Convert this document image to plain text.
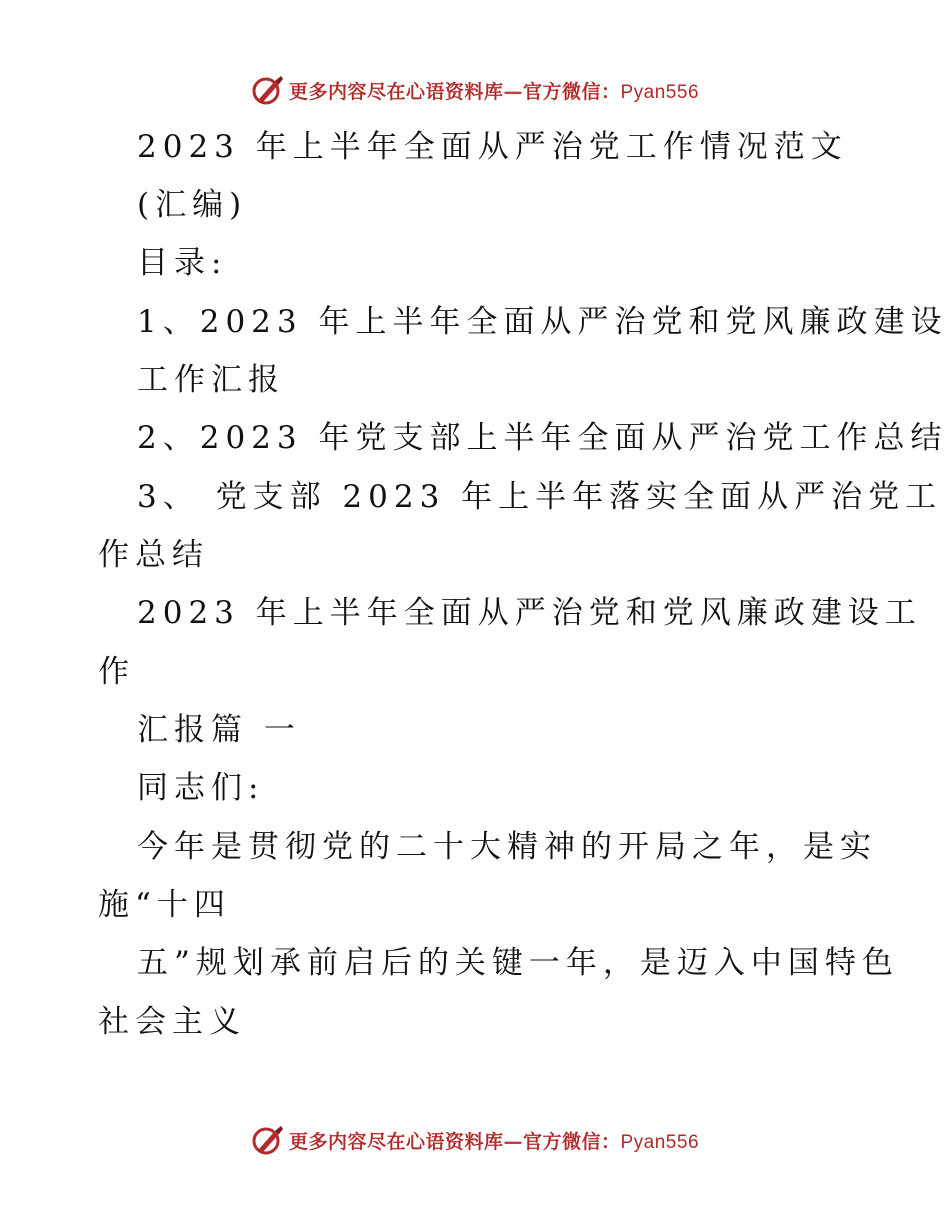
更多内容尽在心语资料库—官方微信：Pyan556
2023 年上半年全面从严治党工作情况范文
(汇编)
目录:
1、2023 年上半年全面从严治党和党风廉政建设
工作汇报
2、2023 年党支部上半年全面从严治党工作总结
3、 党支部 2023 年上半年落实全面从严治党工
作总结
2023 年上半年全面从严治党和党风廉政建设工
作
汇报篇 一
同志们:
今年是贯彻党的二十大精神的开局之年，是实
施“十四
五”规划承前启后的关键一年，是迈入中国特色
社会主义
更多内容尽在心语资料库—官方微信：Pyan556
